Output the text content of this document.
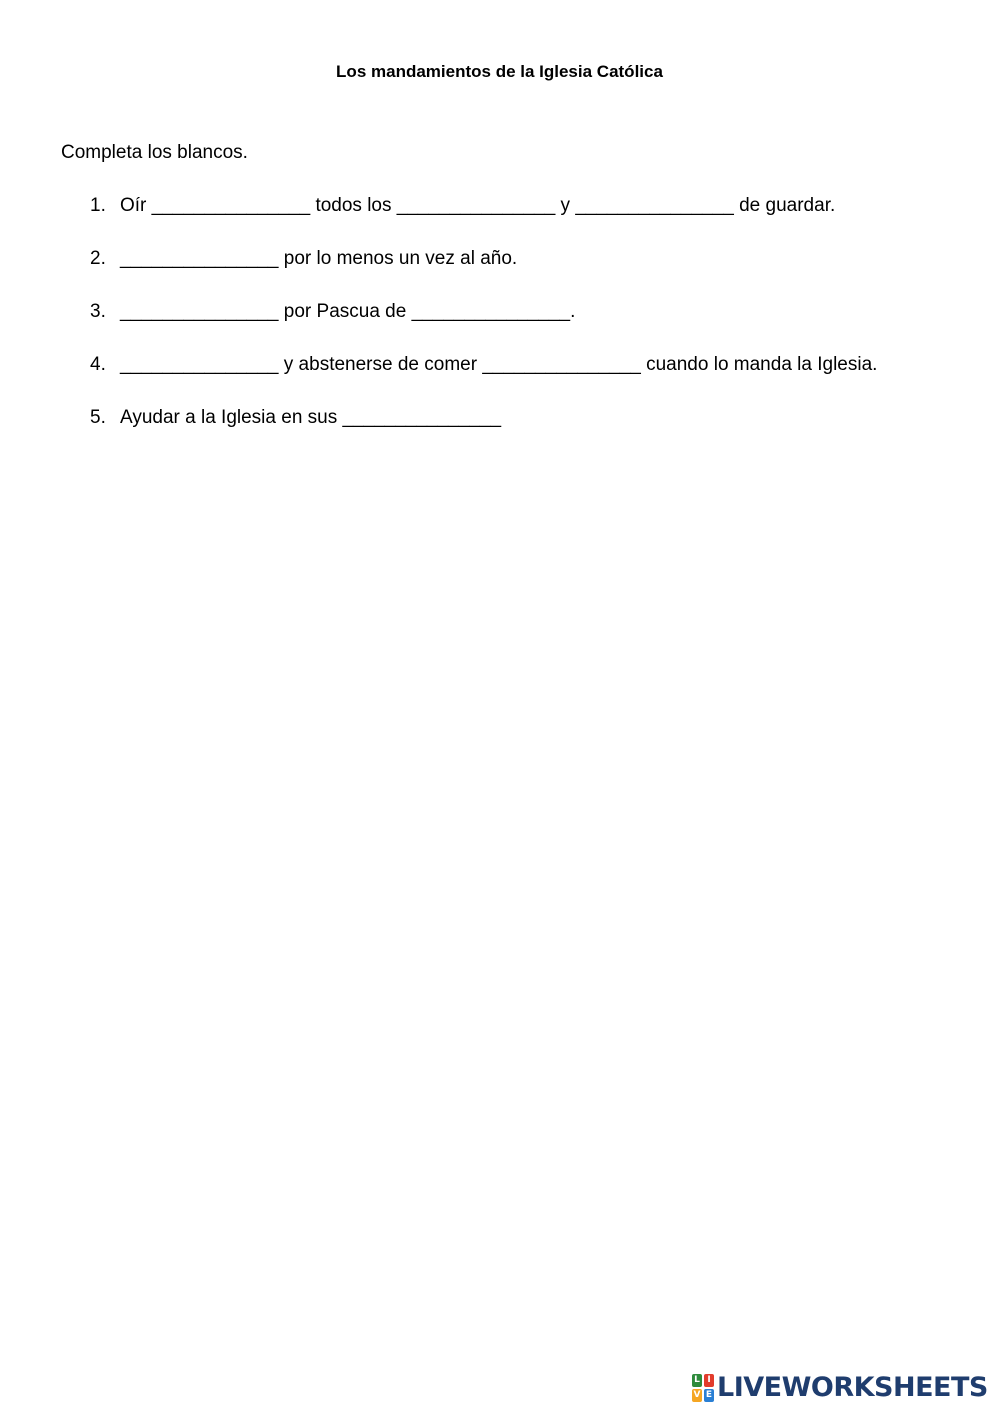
Los mandamientos de la Iglesia Católica
Completa los blancos.
1. Oír _______________ todos los _______________ y _______________ de guardar.
2. _______________ por lo menos un vez al año.
3. _______________ por Pascua de _______________.
4. _______________ y abstenerse de comer _______________ cuando lo manda la Iglesia.
5. Ayudar a la Iglesia en sus _______________
L I
V E LIVEWORKSHEETS
